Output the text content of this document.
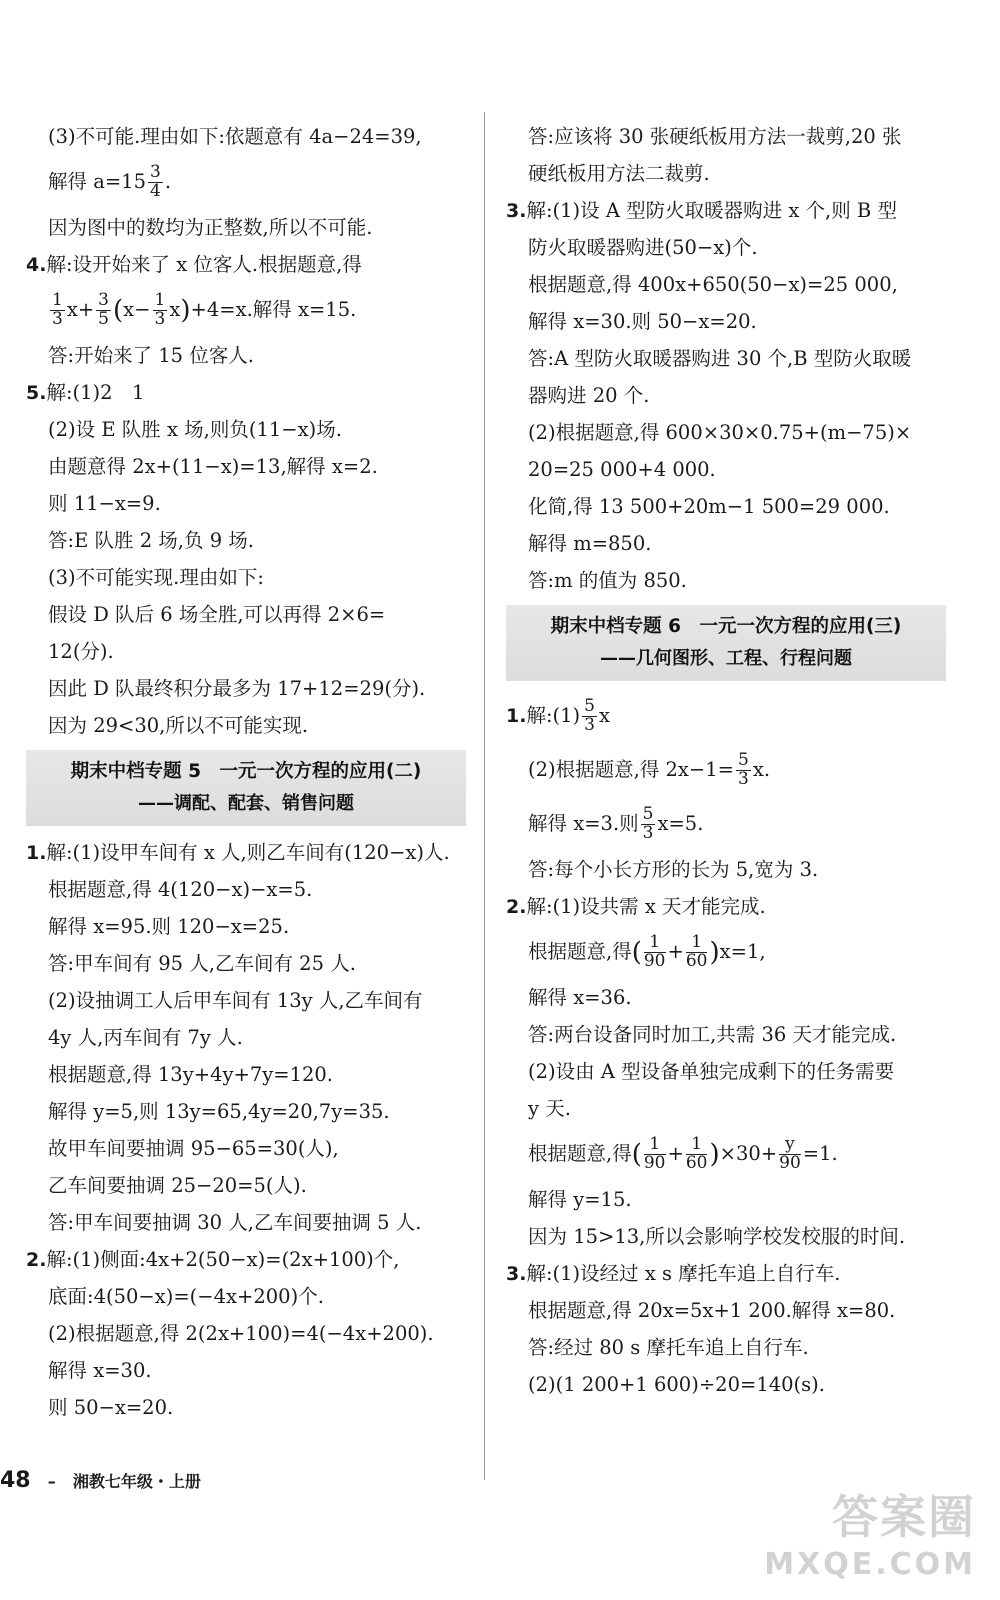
(3)不可能.理由如下:依题意有 4a−24=39,
解得 $a=15 \frac{3}{4}$ .
因为图中的数均为正整数,所以不可能.
4.解:设开始来了 x 位客人.根据题意,得
$\frac{1}{3} x+ \frac{3}{5} (x- \frac{1}{3} x)+4=x$.解得 x=15.
答:开始来了 15 位客人.
5.解:(1)2　1
(2)设 E 队胜 x 场,则负(11−x)场.
由题意得 2x+(11−x)=13,解得 x=2.
则 11−x=9.
答:E 队胜 2 场,负 9 场.
(3)不可能实现.理由如下:
假设 D 队后 6 场全胜,可以再得 2×6=
12(分).
因此 D 队最终积分最多为 17+12=29(分).
因为 29<30,所以不可能实现.
期末中档专题 5　一元一次方程的应用(二)
——调配、配套、销售问题
1.解:(1)设甲车间有 x 人,则乙车间有(120−x)人.
根据题意,得 4(120−x)−x=5.
解得 x=95.则 120−x=25.
答:甲车间有 95 人,乙车间有 25 人.
(2)设抽调工人后甲车间有 13y 人,乙车间有
4y 人,丙车间有 7y 人.
根据题意,得 13y+4y+7y=120.
解得 y=5,则 13y=65,4y=20,7y=35.
故甲车间要抽调 95−65=30(人),
乙车间要抽调 25−20=5(人).
答:甲车间要抽调 30 人,乙车间要抽调 5 人.
2.解:(1)侧面:4x+2(50−x)=(2x+100)个,
底面:4(50−x)=(−4x+200)个.
(2)根据题意,得 2(2x+100)=4(−4x+200).
解得 x=30.
则 50−x=20.
答:应该将 30 张硬纸板用方法一裁剪,20 张
硬纸板用方法二裁剪.
3.解:(1)设 A 型防火取暖器购进 x 个,则 B 型
防火取暖器购进(50−x)个.
根据题意,得 400x+650(50−x)=25 000,
解得 x=30.则 50−x=20.
答:A 型防火取暖器购进 30 个,B 型防火取暖
器购进 20 个.
(2)根据题意,得 600×30×0.75+(m−75)×
20=25 000+4 000.
化简,得 13 500+20m−1 500=29 000.
解得 m=850.
答:m 的值为 850.
期末中档专题 6　一元一次方程的应用(三)
——几何图形、工程、行程问题
1.解:(1) $\frac{5}{3}$ x
(2)根据题意,得 $2x-1= \frac{5}{3} x$.
解得 x=3.则 $\frac{5}{3} x=5$.
答:每个小长方形的长为 5,宽为 3.
2.解:(1)设共需 x 天才能完成.
根据题意,得( $\frac{1}{90} + \frac{1}{60} )x=1$,
解得 x=36.
答:两台设备同时加工,共需 36 天才能完成.
(2)设由 A 型设备单独完成剩下的任务需要
y 天.
根据题意,得( $\frac{1}{90} + \frac{1}{60} )\times 30+ \frac{y}{90} =1$.
解得 y=15.
因为 15>13,所以会影响学校发校服的时间.
3.解:(1)设经过 x s 摩托车追上自行车.
根据题意,得 20x=5x+1 200.解得 x=80.
答:经过 80 s 摩托车追上自行车.
(2)(1 200+1 600)÷20=140(s).
48 – 湘教七年级・上册
答案圈
MXQE.COM
